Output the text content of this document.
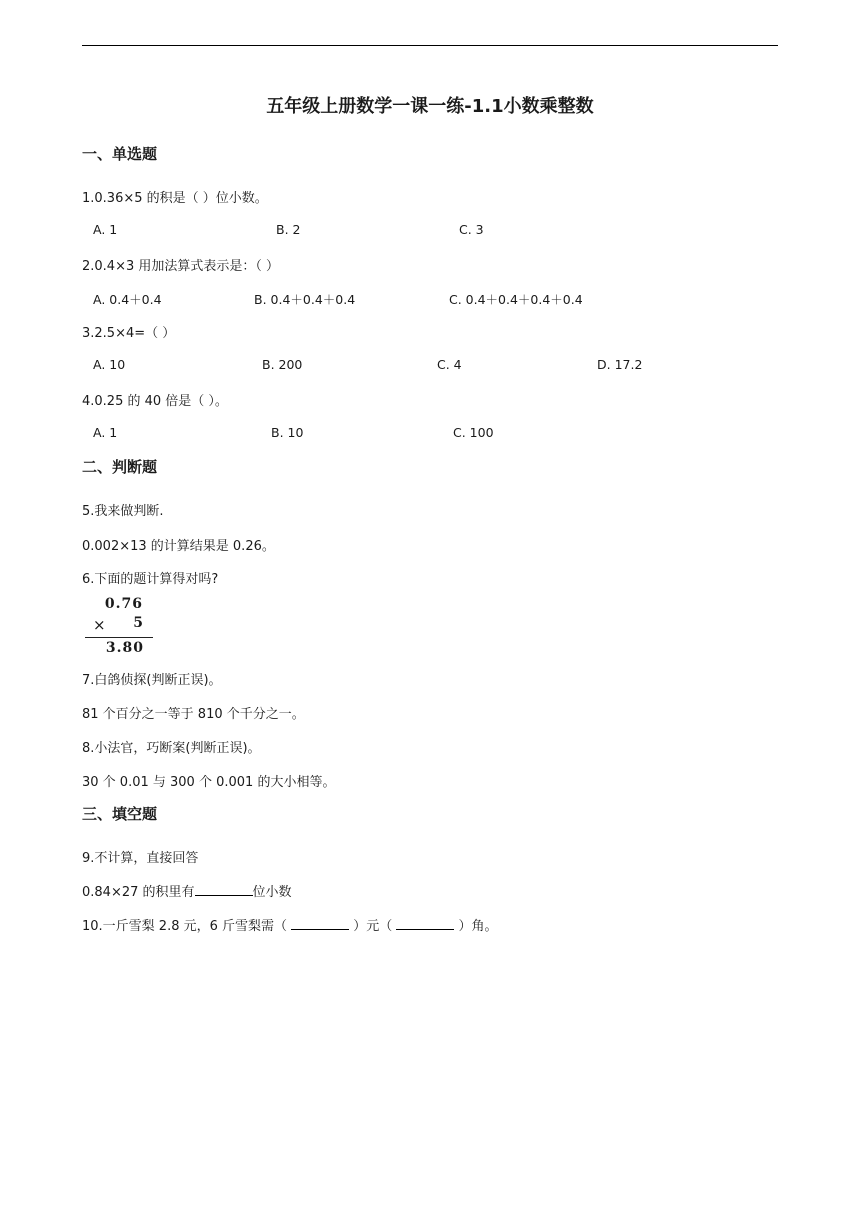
五年级上册数学一课一练-1.1小数乘整数
一、单选题
1.0.36×5 的积是（ ）位小数。
A. 1	B. 2	C. 3
2.0.4×3 用加法算式表示是：（ ）
A. 0.4＋0.4	B. 0.4＋0.4＋0.4	C. 0.4＋0.4＋0.4＋0.4
3.2.5×4=（ ）
A. 10	B. 200	C. 4	D. 17.2
4.0.25 的 40 倍是（ ）。
A. 1	B. 10	C. 100
二、判断题
5.我来做判断.
0.002×13 的计算结果是 0.26。
6.下面的题计算得对吗?
0.76
× 5
3.80
7.白鸽侦探(判断正误)。
81 个百分之一等于 810 个千分之一。
8.小法官，巧断案(判断正误)。
30 个 0.01 与 300 个 0.001 的大小相等。
三、填空题
9.不计算，直接回答
0.84×27 的积里有	位小数
10.一斤雪梨 2.8 元，6 斤雪梨需（	）元（	）角。
